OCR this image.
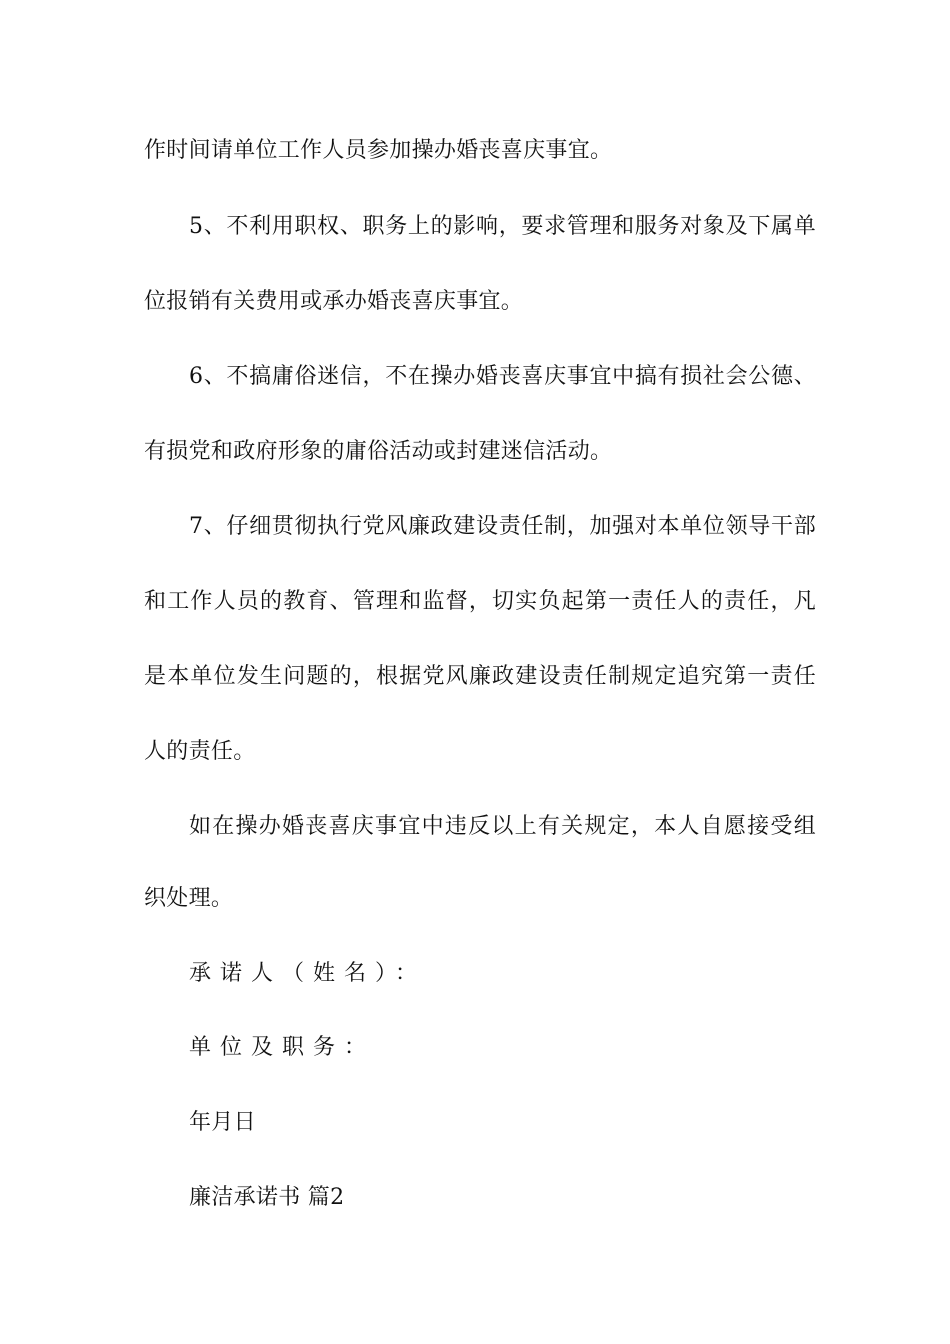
作时间请单位工作人员参加操办婚丧喜庆事宜。
5、不利用职权、职务上的影响，要求管理和服务对象及下属单
位报销有关费用或承办婚丧喜庆事宜。
6、不搞庸俗迷信，不在操办婚丧喜庆事宜中搞有损社会公德、
有损党和政府形象的庸俗活动或封建迷信活动。
7、仔细贯彻执行党风廉政建设责任制，加强对本单位领导干部
和工作人员的教育、管理和监督，切实负起第一责任人的责任，凡
是本单位发生问题的，根据党风廉政建设责任制规定追究第一责任
人的责任。
如在操办婚丧喜庆事宜中违反以上有关规定，本人自愿接受组
织处理。
承诺人（姓名）：
单位及职务：
年月日
廉洁承诺书 篇2
